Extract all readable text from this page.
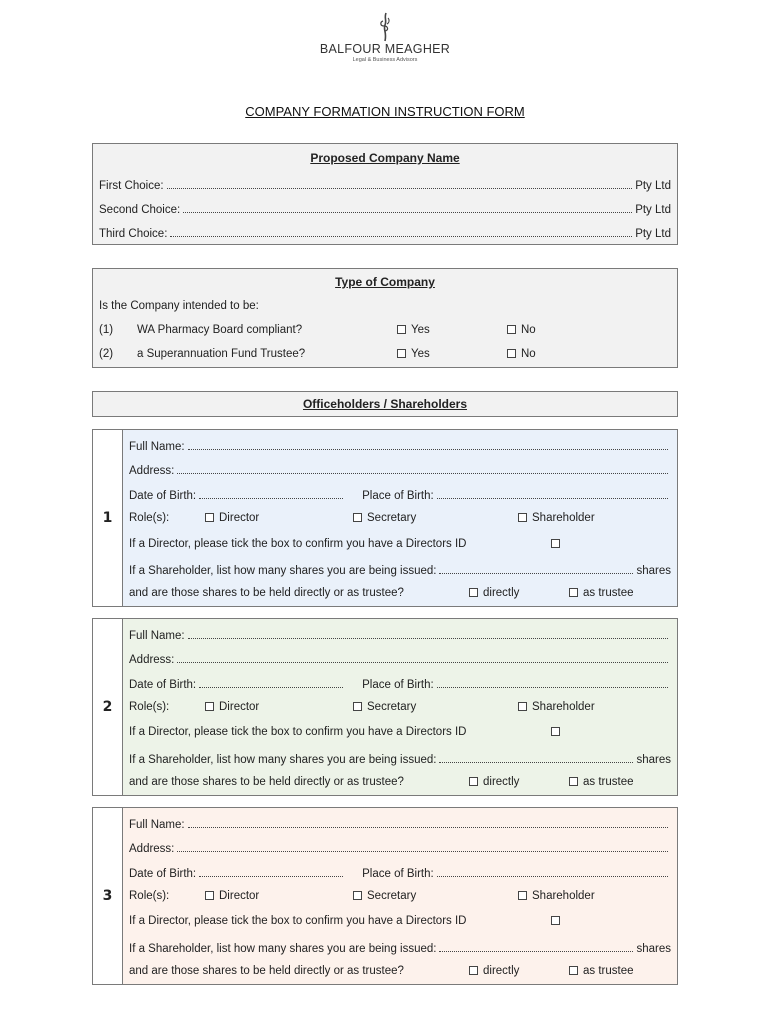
BALFOUR MEAGHER
Legal & Business Advisors
COMPANY FORMATION INSTRUCTION FORM
Proposed Company Name
First Choice:	Pty Ltd
Second Choice:	Pty Ltd
Third Choice:	Pty Ltd
Type of Company
Is the Company intended to be:
(1) WA Pharmacy Board compliant?	Yes	No
(2) a Superannuation Fund Trustee?	Yes	No
Officeholders / Shareholders
1
Full Name:
Address:
Date of Birth:	Place of Birth:
Role(s):	Director	Secretary	Shareholder
If a Director, please tick the box to confirm you have a Directors ID
If a Shareholder, list how many shares you are being issued:	shares
and are those shares to be held directly or as trustee?	directly	as trustee
2
Full Name:
Address:
Date of Birth:	Place of Birth:
Role(s):	Director	Secretary	Shareholder
If a Director, please tick the box to confirm you have a Directors ID
If a Shareholder, list how many shares you are being issued:	shares
and are those shares to be held directly or as trustee?	directly	as trustee
3
Full Name:
Address:
Date of Birth:	Place of Birth:
Role(s):	Director	Secretary	Shareholder
If a Director, please tick the box to confirm you have a Directors ID
If a Shareholder, list how many shares you are being issued:	shares
and are those shares to be held directly or as trustee?	directly	as trustee
